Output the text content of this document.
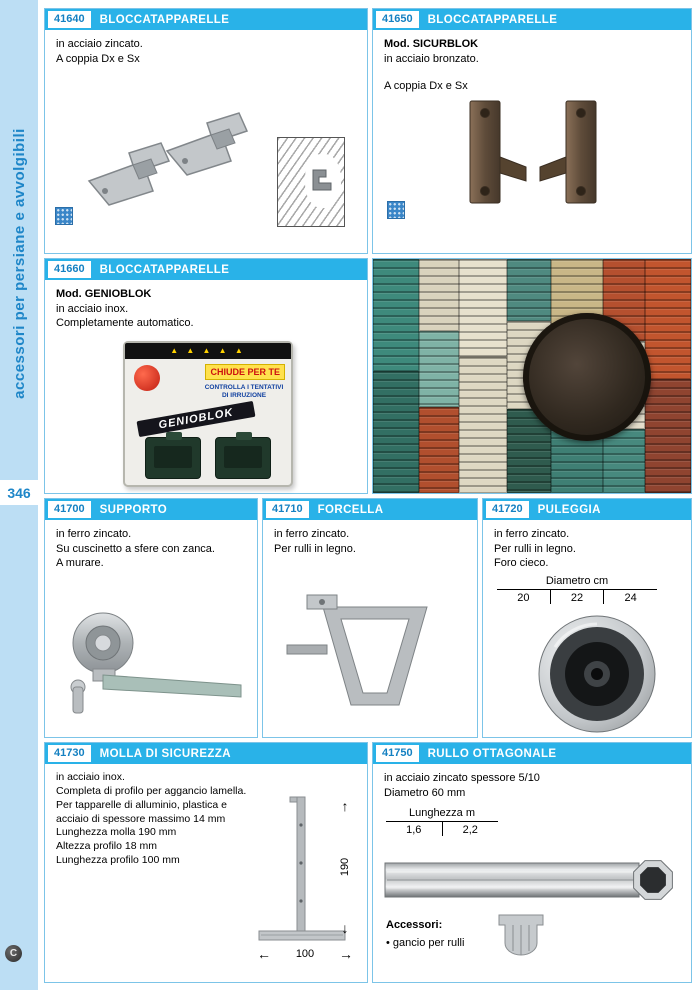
accessori per persiane e avvolgibili
346
C
41640	BLOCCATAPPARELLE
in acciaio zincato.
A coppia Dx e Sx
41650	BLOCCATAPPARELLE
Mod. SICURBLOK
in acciaio bronzato.
A coppia Dx e Sx
41660	BLOCCATAPPARELLE
Mod. GENIOBLOK
in acciaio inox.
Completamente automatico.
▲ ▲ ▲ ▲ ▲
CHIUDE PER TE
CONTROLLA I TENTATIVI DI IRRUZIONE
GENIOBLOK
41700	SUPPORTO
in ferro zincato.
Su cuscinetto a sfere con zanca.
A murare.
41710	FORCELLA
in ferro zincato.
Per rulli in legno.
41720	PULEGGIA
in ferro zincato.
Per rulli in legno.
Foro cieco.
Diametro cm
20	22	24
41730	MOLLA DI SICUREZZA
in acciaio inox.
Completa di profilo per aggancio lamella.
Per tapparelle di alluminio, plastica e
acciaio di spessore massimo 14 mm
Lunghezza molla 190 mm
Altezza profilo 18 mm
Lunghezza profilo 100 mm
↑
190
↓
← 100 →
41750	RULLO OTTAGONALE
in acciaio zincato spessore 5/10
Diametro 60 mm
Lunghezza m
1,6	2,2
Accessori:
• gancio per rulli
